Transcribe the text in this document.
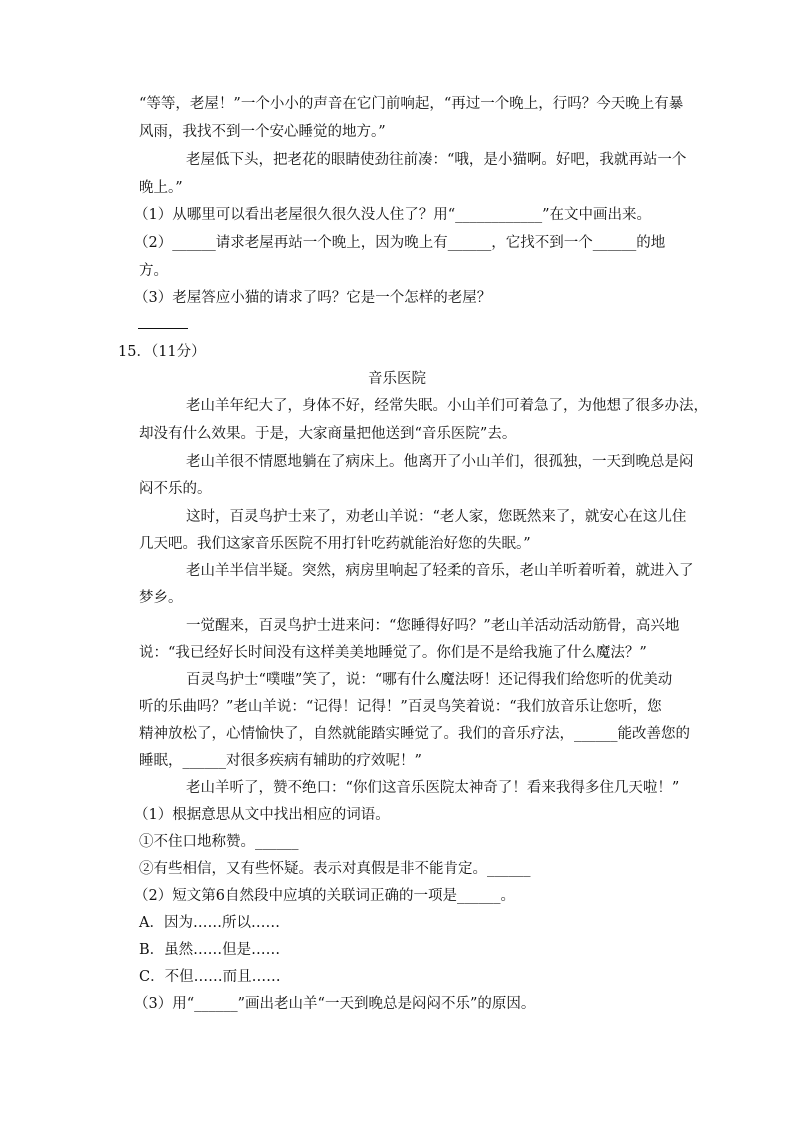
“等等，老屋！”一个小小的声音在它门前响起，“再过一个晚上，行吗？今天晚上有暴
风雨，我找不到一个安心睡觉的地方。”
老屋低下头，把老花的眼睛使劲往前凑：“哦，是小猫啊。好吧，我就再站一个
晚上。”
（1）从哪里可以看出老屋很久很久没人住了？用“____________”在文中画出来。
（2）______请求老屋再站一个晚上，因为晚上有______，它找不到一个______的地
方。
（3）老屋答应小猫的请求了吗？它是一个怎样的老屋？
15．（11分）
音乐医院
老山羊年纪大了，身体不好，经常失眠。小山羊们可着急了，为他想了很多办法，
却没有什么效果。于是，大家商量把他送到“音乐医院”去。
老山羊很不情愿地躺在了病床上。他离开了小山羊们，很孤独，一天到晚总是闷
闷不乐的。
这时，百灵鸟护士来了，劝老山羊说：“老人家，您既然来了，就安心在这儿住
几天吧。我们这家音乐医院不用打针吃药就能治好您的失眠。”
老山羊半信半疑。突然，病房里响起了轻柔的音乐，老山羊听着听着，就进入了
梦乡。
一觉醒来，百灵鸟护士进来问：“您睡得好吗？”老山羊活动活动筋骨，高兴地
说：“我已经好长时间没有这样美美地睡觉了。你们是不是给我施了什么魔法？”
百灵鸟护士“噗嗤”笑了，说：“哪有什么魔法呀！还记得我们给您听的优美动
听的乐曲吗？”老山羊说：“记得！记得！”百灵鸟笑着说：“我们放音乐让您听，您
精神放松了，心情愉快了，自然就能踏实睡觉了。我们的音乐疗法，______能改善您的
睡眠，______对很多疾病有辅助的疗效呢！”
老山羊听了，赞不绝口：“你们这音乐医院太神奇了！看来我得多住几天啦！”
（1）根据意思从文中找出相应的词语。
①不住口地称赞。______
②有些相信，又有些怀疑。表示对真假是非不能肯定。______
（2）短文第6自然段中应填的关联词正确的一项是______。
A．因为……所以……
B．虽然……但是……
C．不但……而且……
（3）用“______”画出老山羊“一天到晚总是闷闷不乐”的原因。
